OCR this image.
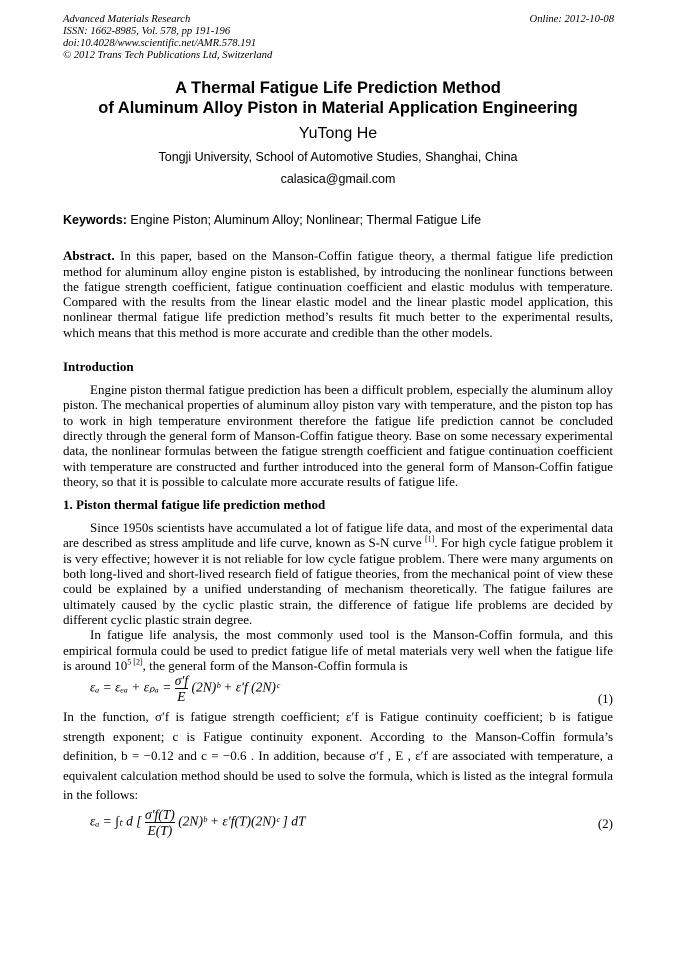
Advanced Materials Research
ISSN: 1662-8985, Vol. 578, pp 191-196
doi:10.4028/www.scientific.net/AMR.578.191
© 2012 Trans Tech Publications Ltd, Switzerland
Online: 2012-10-08
A Thermal Fatigue Life Prediction Method
of Aluminum Alloy Piston in Material Application Engineering
YuTong He
Tongji University, School of Automotive Studies, Shanghai, China
calasica@gmail.com
Keywords: Engine Piston; Aluminum Alloy; Nonlinear; Thermal Fatigue Life
Abstract. In this paper, based on the Manson-Coffin fatigue theory, a thermal fatigue life prediction method for aluminum alloy engine piston is established, by introducing the nonlinear functions between the fatigue strength coefficient, fatigue continuation coefficient and elastic modulus with temperature. Compared with the results from the linear elastic model and the linear plastic model application, this nonlinear thermal fatigue life prediction method’s results fit much better to the experimental results, which means that this method is more accurate and credible than the other models.
Introduction
Engine piston thermal fatigue prediction has been a difficult problem, especially the aluminum alloy piston. The mechanical properties of aluminum alloy piston vary with temperature, and the piston top has to work in high temperature environment therefore the fatigue life prediction cannot be concluded directly through the general form of Manson-Coffin fatigue theory. Base on some necessary experimental data, the nonlinear formulas between the fatigue strength coefficient and fatigue continuation coefficient with temperature are constructed and further introduced into the general form of Manson-Coffin fatigue theory, so that it is possible to calculate more accurate results of fatigue life.
1. Piston thermal fatigue life prediction method
Since 1950s scientists have accumulated a lot of fatigue life data, and most of the experimental data are described as stress amplitude and life curve, known as S-N curve [1]. For high cycle fatigue problem it is very effective; however it is not reliable for low cycle fatigue problem. There were many arguments on both long-lived and short-lived research field of fatigue theories, from the mechanical point of view these could be explained by a unified understanding of mechanism theoretically. The fatigue failures are ultimately caused by the cyclic plastic strain, the difference of fatigue life problems are decided by different cyclic plastic strain degree.
In fatigue life analysis, the most commonly used tool is the Manson-Coffin formula, and this empirical formula could be used to predict fatigue life of metal materials very well when the fatigue life is around $10^{5 [2]}$, the general form of the Manson-Coffin formula is
$\varepsilon_a = \varepsilon_{ea} + \varepsilon_{pa} = \frac{\sigma'f}{E}$ (2N)ᵇ + ε′f (2N)ᶜ
(1)
In the function, σ′f is fatigue strength coefficient; ε′f is Fatigue continuity coefficient; b is fatigue strength exponent; c is Fatigue continuity exponent. According to the Manson-Coffin formula’s definition, b = −0.12 and c = −0.6 . In addition, because σ′f , E , ε′f are associated with temperature, a equivalent calculation method should be used to solve the formula, which is listed as the integral formula in the follows:
εₐ = ∫ₜ d [ $\frac{\sigma'f(T)}{E(T)}$ (2N)ᵇ + ε′f(T)(2N)ᶜ ] dT	(2)
